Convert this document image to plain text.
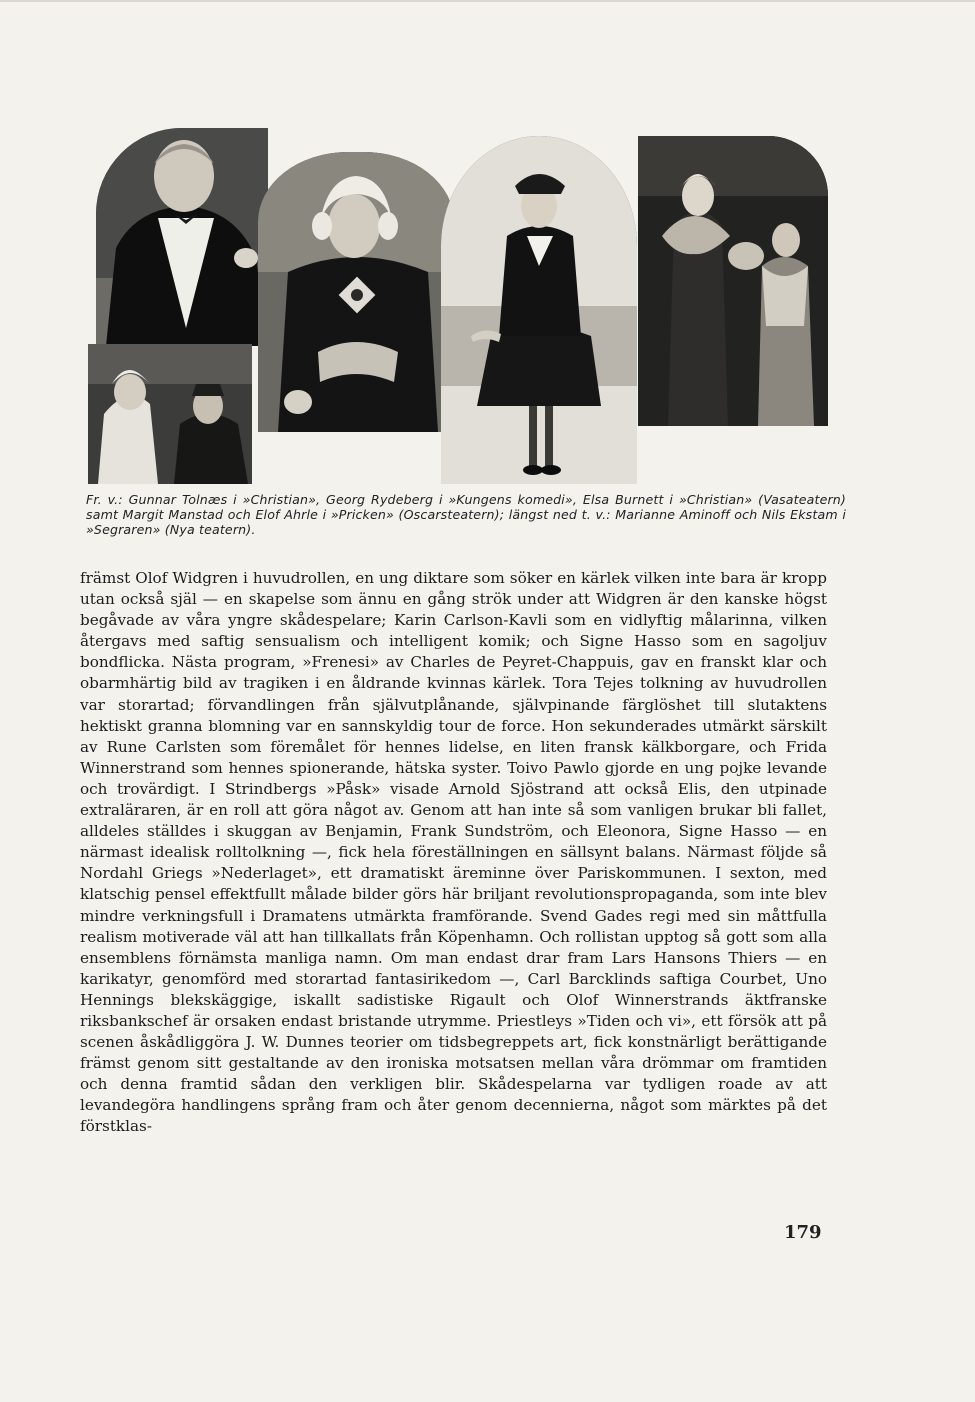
Fr. v.: Gunnar Tolnæs i »Christian», Georg Rydeberg i »Kungens komedi», Elsa Burnett i »Christian» (Vasateatern) samt Margit Manstad och Elof Ahrle i »Pricken» (Oscarsteatern); längst ned t. v.: Marianne Aminoff och Nils Ekstam i »Segraren» (Nya teatern).
främst Olof Widgren i huvudrollen, en ung diktare som söker en kärlek vilken inte bara är kropp utan också själ — en skapelse som ännu en gång strök under att Widgren är den kanske högst begåvade av våra yngre skådespelare; Karin Carlson-Kavli som en vidlyftig målarinna, vilken återgavs med saftig sensualism och intelligent komik; och Signe Hasso som en sagoljuv bondflicka. Nästa program, »Frenesi» av Charles de Peyret-Chappuis, gav en franskt klar och obarmhärtig bild av tragiken i en åldrande kvinnas kärlek. Tora Tejes tolkning av huvudrollen var storartad; förvandlingen från självutplånande, självpinande färglöshet till slutaktens hektiskt granna blomning var en sannskyldig tour de force. Hon sekunderades utmärkt särskilt av Rune Carlsten som föremålet för hennes lidelse, en liten fransk kälkborgare, och Frida Winnerstrand som hennes spionerande, hätska syster. Toivo Pawlo gjorde en ung pojke levande och trovärdigt. I Strindbergs »Påsk» visade Arnold Sjöstrand att också Elis, den utpinade extraläraren, är en roll att göra något av. Genom att han inte så som vanligen brukar bli fallet, alldeles ställdes i skuggan av Benjamin, Frank Sundström, och Eleonora, Signe Hasso — en närmast idealisk rolltolkning —, fick hela föreställningen en sällsynt balans. Närmast följde så Nordahl Griegs »Nederlaget», ett dramatiskt äreminne över Pariskommunen. I sexton, med klatschig pensel effektfullt målade bilder görs här briljant revolutionspropaganda, som inte blev mindre verkningsfull i Dramatens utmärkta framförande. Svend Gades regi med sin måttfulla realism motiverade väl att han tillkallats från Köpenhamn. Och rollistan upptog så gott som alla ensemblens förnämsta manliga namn. Om man endast drar fram Lars Hansons Thiers — en karikatyr, genomförd med storartad fantasirikedom —, Carl Barcklinds saftiga Courbet, Uno Hennings blekskäggige, iskallt sadistiske Rigault och Olof Winnerstrands äktfranske riksbankschef är orsaken endast bristande utrymme. Priestleys »Tiden och vi», ett försök att på scenen åskådliggöra J. W. Dunnes teorier om tidsbegreppets art, fick konstnärligt berättigande främst genom sitt gestaltande av den ironiska motsatsen mellan våra drömmar om framtiden och denna framtid sådan den verkligen blir. Skådespelarna var tydligen roade av att levandegöra handlingens språng fram och åter genom decennierna, något som märktes på det förstklas-
179
